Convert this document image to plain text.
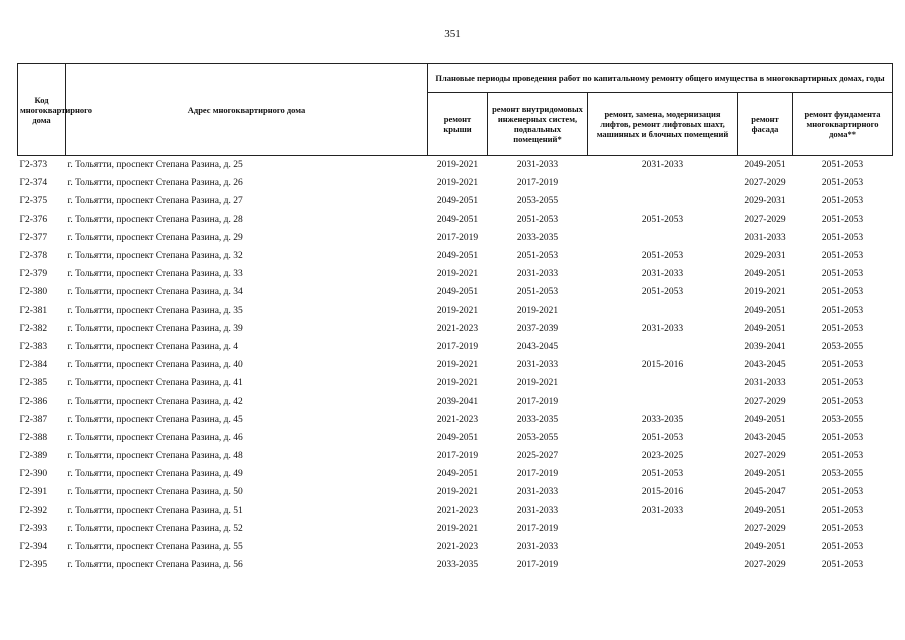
351
Код многоквартирного дома	Адрес многоквартирного дома	Плановые периоды проведения работ по капитальному ремонту общего имущества в многоквартирных домах, годы				
		ремонт крыши	ремонт внутридомовых инженерных систем, подвальных помещений*	ремонт, замена, модернизация лифтов, ремонт лифтовых шахт, машинных и блочных помещений	ремонт фасада	ремонт фундамента многоквартирного дома**
Г2-373	г. Тольятти, проспект Степана Разина, д. 25	2019-2021	2031-2033	2031-2033	2049-2051	2051-2053
Г2-374	г. Тольятти, проспект Степана Разина, д. 26	2019-2021	2017-2019		2027-2029	2051-2053
Г2-375	г. Тольятти, проспект Степана Разина, д. 27	2049-2051	2053-2055		2029-2031	2051-2053
Г2-376	г. Тольятти, проспект Степана Разина, д. 28	2049-2051	2051-2053	2051-2053	2027-2029	2051-2053
Г2-377	г. Тольятти, проспект Степана Разина, д. 29	2017-2019	2033-2035		2031-2033	2051-2053
Г2-378	г. Тольятти, проспект Степана Разина, д. 32	2049-2051	2051-2053	2051-2053	2029-2031	2051-2053
Г2-379	г. Тольятти, проспект Степана Разина, д. 33	2019-2021	2031-2033	2031-2033	2049-2051	2051-2053
Г2-380	г. Тольятти, проспект Степана Разина, д. 34	2049-2051	2051-2053	2051-2053	2019-2021	2051-2053
Г2-381	г. Тольятти, проспект Степана Разина, д. 35	2019-2021	2019-2021		2049-2051	2051-2053
Г2-382	г. Тольятти, проспект Степана Разина, д. 39	2021-2023	2037-2039	2031-2033	2049-2051	2051-2053
Г2-383	г. Тольятти, проспект Степана Разина, д. 4	2017-2019	2043-2045		2039-2041	2053-2055
Г2-384	г. Тольятти, проспект Степана Разина, д. 40	2019-2021	2031-2033	2015-2016	2043-2045	2051-2053
Г2-385	г. Тольятти, проспект Степана Разина, д. 41	2019-2021	2019-2021		2031-2033	2051-2053
Г2-386	г. Тольятти, проспект Степана Разина, д. 42	2039-2041	2017-2019		2027-2029	2051-2053
Г2-387	г. Тольятти, проспект Степана Разина, д. 45	2021-2023	2033-2035	2033-2035	2049-2051	2053-2055
Г2-388	г. Тольятти, проспект Степана Разина, д. 46	2049-2051	2053-2055	2051-2053	2043-2045	2051-2053
Г2-389	г. Тольятти, проспект Степана Разина, д. 48	2017-2019	2025-2027	2023-2025	2027-2029	2051-2053
Г2-390	г. Тольятти, проспект Степана Разина, д. 49	2049-2051	2017-2019	2051-2053	2049-2051	2053-2055
Г2-391	г. Тольятти, проспект Степана Разина, д. 50	2019-2021	2031-2033	2015-2016	2045-2047	2051-2053
Г2-392	г. Тольятти, проспект Степана Разина, д. 51	2021-2023	2031-2033	2031-2033	2049-2051	2051-2053
Г2-393	г. Тольятти, проспект Степана Разина, д. 52	2019-2021	2017-2019		2027-2029	2051-2053
Г2-394	г. Тольятти, проспект Степана Разина, д. 55	2021-2023	2031-2033		2049-2051	2051-2053
Г2-395	г. Тольятти, проспект Степана Разина, д. 56	2033-2035	2017-2019		2027-2029	2051-2053
